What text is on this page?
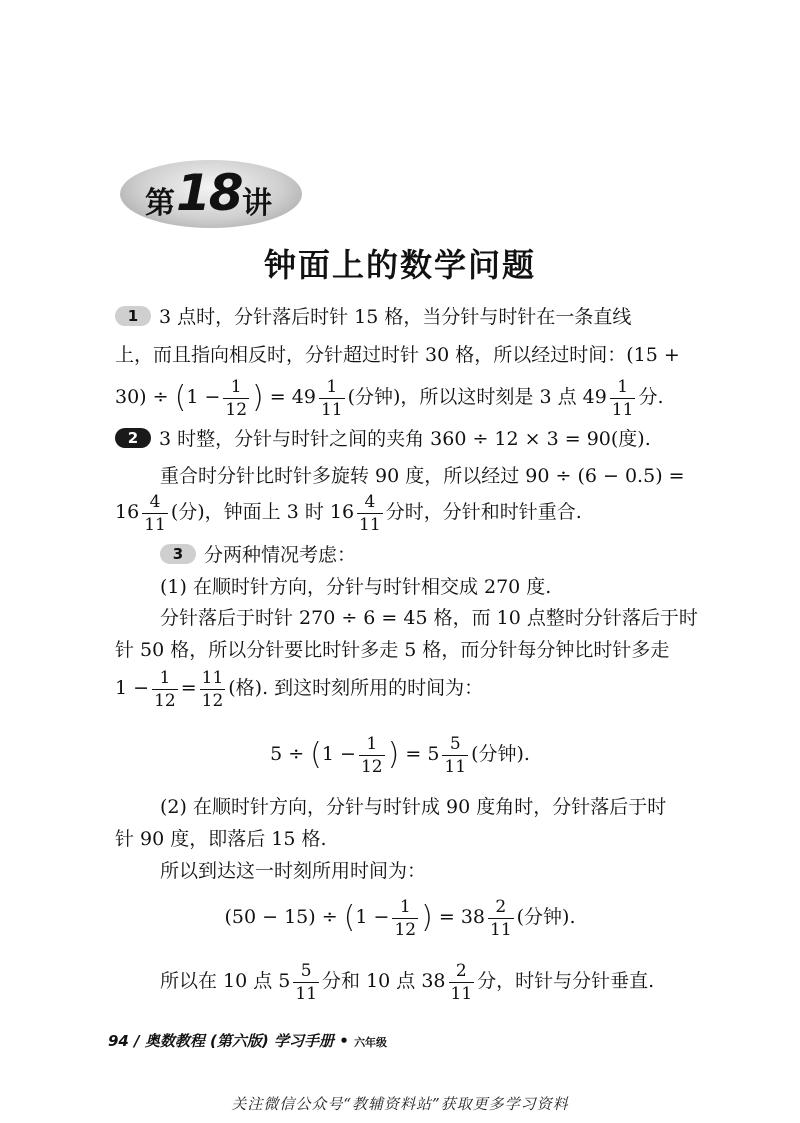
第 18 讲
钟面上的数学问题
1 3 点时，分针落后时针 15 格，当分针与时针在一条直线
上，而且指向相反时，分针超过时针 30 格，所以经过时间：(15 +
$30) \div (1 - \frac{1}{12}$ ) = $49 \frac{1}{11}$ (分钟)，所以这时刻是 3 点 $49 \frac{1}{11}$ 分.
2 3 时整，分针与时针之间的夹角 360 ÷ 12 × 3 = 90(度).
重合时分针比时针多旋转 90 度，所以经过 90 ÷ (6 − 0.5) =
$16 \frac{4}{11}$ (分)，钟面上 3 时 $16 \frac{4}{11}$ 分时，分针和时针重合.
3 分两种情况考虑：
(1) 在顺时针方向，分针与时针相交成 270 度.
分针落后于时针 270 ÷ 6 = 45 格，而 10 点整时分针落后于时
针 50 格，所以分针要比时针多走 5 格，而分针每分钟比时针多走
$1 - \frac{1}{12} = \frac{11}{12}$ (格). 到这时刻所用的时间为：
$5 \div (1 - \frac{1}{12}$ ) = $5 \frac{5}{11}$ (分钟).
(2) 在顺时针方向，分针与时针成 90 度角时，分针落后于时
针 90 度，即落后 15 格.
所以到达这一时刻所用时间为：
$(50 - 15) \div (1 - \frac{1}{12}$ ) = $38 \frac{2}{11}$ (分钟).
所以在 10 点 $5 \frac{5}{11}$ 分和 10 点 $38 \frac{2}{11}$ 分，时针与分针垂直.
94 / 奥数教程 (第六版) 学习手册 • 六年级
关注微信公众号“教辅资料站”获取更多学习资料
